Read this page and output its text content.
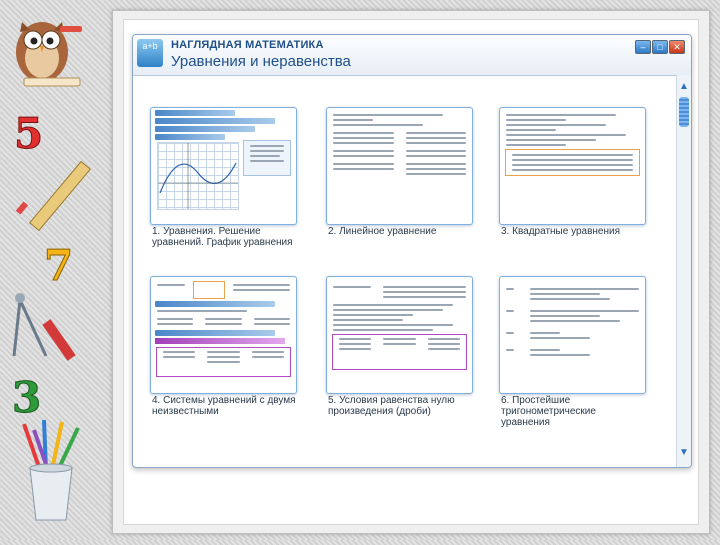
5
7
3
a+b	НАГЛЯДНАЯ МАТЕМАТИКА
Уравнения и неравенства
–	□	✕
▲
▼
1. Уравнения. Решение уравнений. График уравнения
2. Линейное уравнение	3. Квадратные уравнения
4. Системы уравнений с двумя неизвестными
5. Условия равенства нулю произведения (дроби)
6. Простейшие тригонометрические уравнения
